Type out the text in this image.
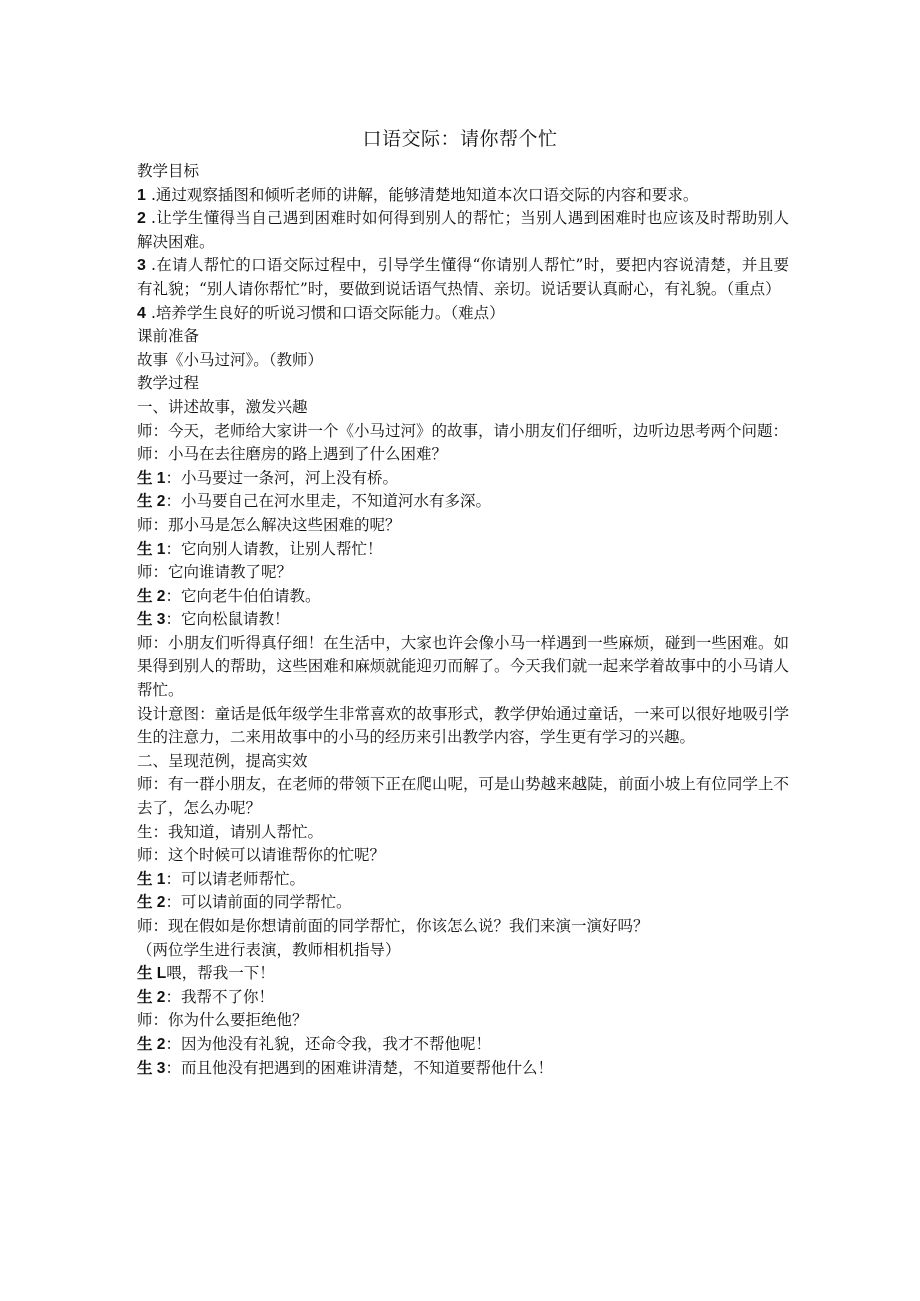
口语交际：请你帮个忙

教学目标

1 .通过观察插图和倾听老师的讲解，能够清楚地知道本次口语交际的内容和要求。

2 .让学生懂得当自己遇到困难时如何得到别人的帮忙；当别人遇到困难时也应该及时帮助别人解决困难。

3 .在请人帮忙的口语交际过程中，引导学生懂得“你请别人帮忙”时，要把内容说清楚，并且要有礼貌；“别人请你帮忙”时，要做到说话语气热情、亲切。说话要认真耐心，有礼貌。（重点）

4 .培养学生良好的听说习惯和口语交际能力。（难点）

课前准备

故事《小马过河》。（教师）

教学过程

一、讲述故事，激发兴趣

师：今天，老师给大家讲一个《小马过河》的故事，请小朋友们仔细听，边听边思考两个问题：

师：小马在去往磨房的路上遇到了什么困难？

生 1：小马要过一条河，河上没有桥。

生 2：小马要自己在河水里走，不知道河水有多深。

师：那小马是怎么解决这些困难的呢？

生 1：它向别人请教，让别人帮忙！

师：它向谁请教了呢？

生 2：它向老牛伯伯请教。

生 3：它向松鼠请教！

师：小朋友们听得真仔细！在生活中，大家也许会像小马一样遇到一些麻烦，碰到一些困难。如果得到别人的帮助，这些困难和麻烦就能迎刃而解了。今天我们就一起来学着故事中的小马请人帮忙。

设计意图：童话是低年级学生非常喜欢的故事形式，教学伊始通过童话，一来可以很好地吸引学生的注意力，二来用故事中的小马的经历来引出教学内容，学生更有学习的兴趣。

二、呈现范例，提高实效

师：有一群小朋友，在老师的带领下正在爬山呢，可是山势越来越陡，前面小坡上有位同学上不去了，怎么办呢？

生：我知道，请别人帮忙。

师：这个时候可以请谁帮你的忙呢？

生 1：可以请老师帮忙。

生 2：可以请前面的同学帮忙。

师：现在假如是你想请前面的同学帮忙，你该怎么说？我们来演一演好吗？

（两位学生进行表演，教师相机指导）

生 L喂，帮我一下！

生 2：我帮不了你！

师：你为什么要拒绝他？

生 2：因为他没有礼貌，还命令我，我才不帮他呢！

生 3：而且他没有把遇到的困难讲清楚，不知道要帮他什么！
